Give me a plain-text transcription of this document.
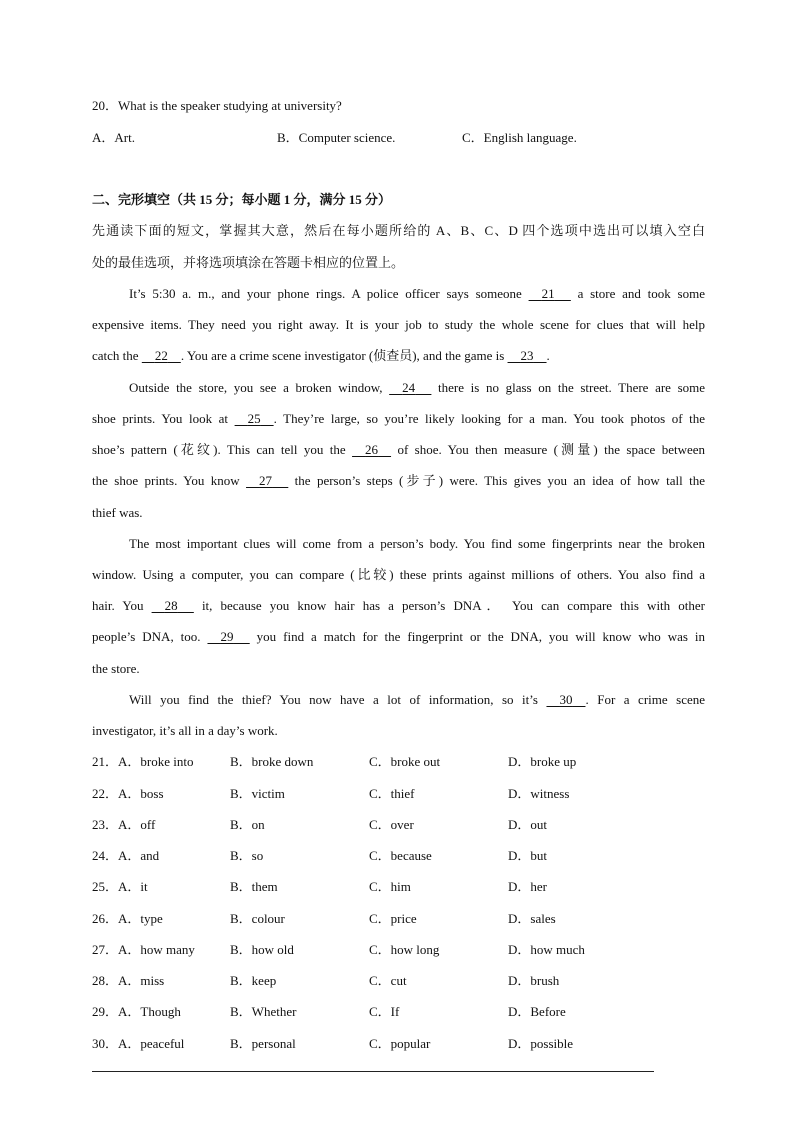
20．What is the speaker studying at university?
A．Art.	B．Computer science.	C．English language.
二、完形填空（共 15 分；每小题 1 分，满分 15 分）
先通读下面的短文，掌握其大意，然后在每小题所给的 A、B、C、D 四个选项中选出可以填入空白
处的最佳选项，并将选项填涂在答题卡相应的位置上。
It’s 5:30 a. m., and your phone rings. A police officer says someone 21 a store and took some
expensive items. They need you right away. It is your job to study the whole scene for clues that will help
catch the 22 . You are a crime scene investigator (侦查员), and the game is 23 .
Outside the store, you see a broken window, 24 there is no glass on the street. There are some
shoe prints. You look at 25 . They’re large, so you’re likely looking for a man. You took photos of the
shoe’s pattern (花纹). This can tell you the 26 of shoe. You then measure (测量) the space between
the shoe prints. You know 27 the person’s steps (步子) were. This gives you an idea of how tall the
thief was.
The most important clues will come from a person’s body. You find some fingerprints near the broken
window. Using a computer, you can compare (比较) these prints against millions of others. You also find a
hair. You 28 it, because you know hair has a person’s DNA． You can compare this with other
people’s DNA, too. 29 you find a match for the fingerprint or the DNA, you will know who was in
the store.
Will you find the thief? You now have a lot of information, so it’s 30 . For a crime scene
investigator, it’s all in a day’s work.
21．A．broke into	B．broke down	C．broke out	D．broke up
22．A．boss	B．victim	C．thief	D．witness
23．A．off	B．on	C．over	D．out
24．A．and	B．so	C．because	D．but
25．A．it	B．them	C．him	D．her
26．A．type	B．colour	C．price	D．sales
27．A．how many	B．how old	C．how long	D．how much
28．A．miss	B．keep	C．cut	D．brush
29．A．Though	B．Whether	C．If	D．Before
30．A．peaceful	B．personal	C．popular	D．possible
